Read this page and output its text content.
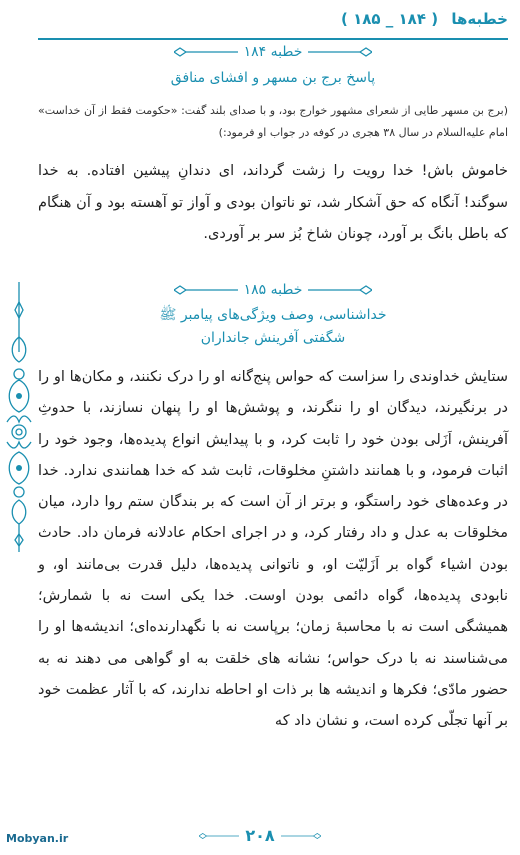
خطبه‌ها ( ۱۸۴ _ ۱۸۵ )
خطبه ۱۸۴
پاسخ برج بن مسهر و افشای منافق
(برج بن مسهر طایی از شعرای مشهور خوارج بود، و با صدای بلند گفت: «حکومت فقط از آن خداست» امام علیه‌السلام در سال ۳۸ هجری در کوفه در جواب او فرمود:)
خاموش باش! خدا رویت را زشت گرداند، ای دندانِ پیشین افتاده. به خدا سوگند! آنگاه که حق آشکار شد، تو ناتوان بودی و آواز تو آهسته بود و آن هنگام که باطل بانگ بر آورد، چونان شاخ بُز سر بر آوردی.
خطبه ۱۸۵
خداشناسی، وصف ویژگی‌های پیامبر ﷺ
شگفتی آفرینش جانداران
ستایش خداوندی را سزاست که حواس پنج‌گانه او را درک نکنند، و مکان‌ها او را در برنگیرند، دیدگان او را ننگرند، و پوشش‌ها او را پنهان نسازند، با حدوثِ آفرینش، اَزَلی بودن خود را ثابت کرد، و با پیدایش انواع پدیده‌ها، وجود خود را اثبات فرمود، و با همانند داشتنِ مخلوقات، ثابت شد که خدا همانندی ندارد. خدا در وعده‌های خود راستگو، و برتر از آن است که بر بندگان ستم روا دارد، میان مخلوقات به عدل و داد رفتار کرد، و در اجرای احکام عادلانه فرمان داد. حادث بودن اشیاء گواه بر اَزَلیّت او، و ناتوانی پدیده‌ها، دلیل قدرت بی‌مانند او، و نابودی پدیده‌ها، گواه دائمی بودن اوست. خدا یکی است نه با شمارش؛ همیشگی است نه با محاسبهٔ زمان؛ برپاست نه با نگهدارنده‌ای؛ اندیشه‌ها او را می‌شناسند نه با درک حواس؛ نشانه های خلقت به او گواهی می دهند نه به حضور مادّی؛ فکرها و اندیشه ها بر ذات او احاطه ندارند، که با آثار عظمت خود بر آنها تجلّی کرده است، و نشان داد که
۲۰۸
Mobyan.ir
